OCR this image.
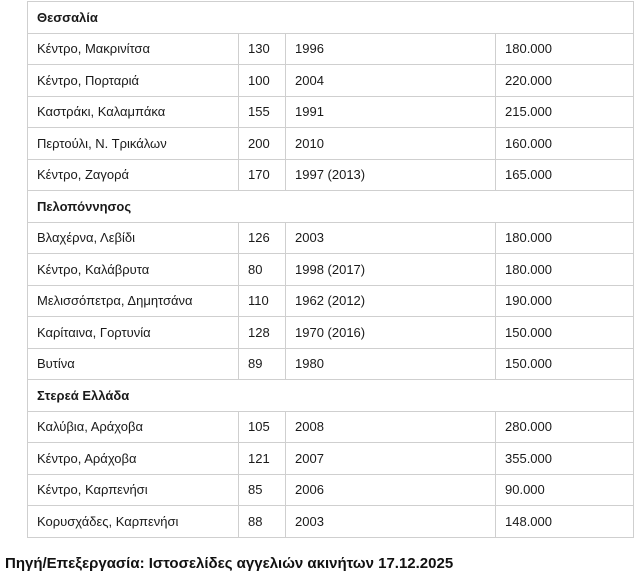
Θεσσαλία			
Κέντρο, Μακρινίτσα	130	1996	180.000
Κέντρο, Πορταριά	100	2004	220.000
Καστράκι, Καλαμπάκα	155	1991	215.000
Περτούλι, Ν. Τρικάλων	200	2010	160.000
Κέντρο, Ζαγορά	170	1997 (2013)	165.000
Πελοπόννησος			
Βλαχέρνα, Λεβίδι	126	2003	180.000
Κέντρο, Καλάβρυτα	80	1998 (2017)	180.000
Μελισσόπετρα, Δημητσάνα	110	1962 (2012)	190.000
Καρίταινα, Γορτυνία	128	1970 (2016)	150.000
Βυτίνα	89	1980	150.000
Στερεά Ελλάδα			
Καλύβια, Αράχοβα	105	2008	280.000
Κέντρο, Αράχοβα	121	2007	355.000
Κέντρο, Καρπενήσι	85	2006	90.000
Κορυσχάδες, Καρπενήσι	88	2003	148.000
Πηγή/Επεξεργασία: Ιστοσελίδες αγγελιών ακινήτων 17.12.2025
